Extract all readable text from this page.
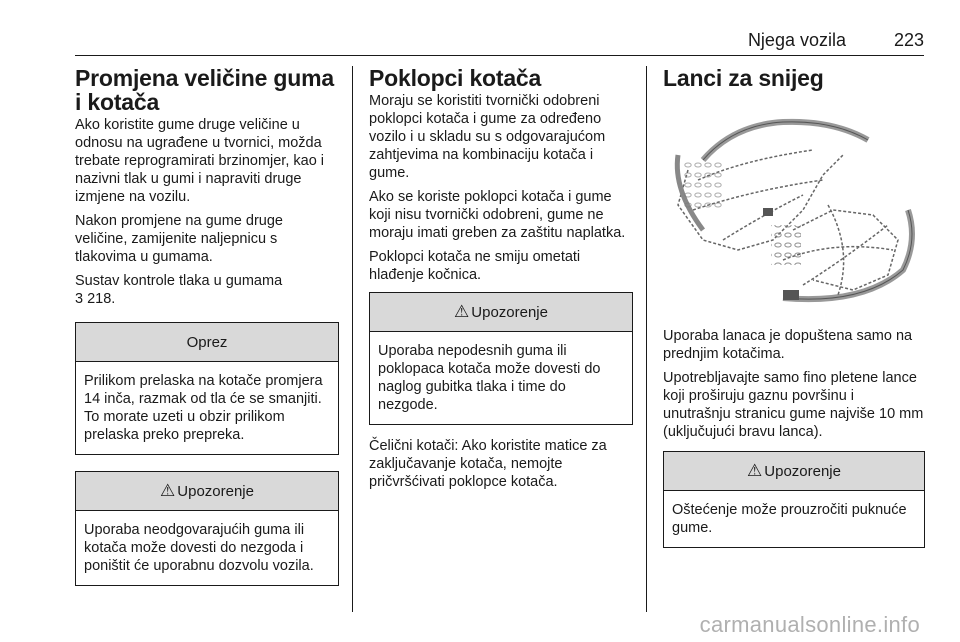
Njega vozila	223
Promjena veličine guma i kotača

Ako koristite gume druge veličine u odnosu na ugrađene u tvornici, možda trebate reprogramirati brzinomjer, kao i nazivni tlak u gumi i napraviti druge izmjene na vozilu.

Nakon promjene na gume druge veličine, zamijenite naljepnicu s tlakovima u gumama.

Sustav kontrole tlaka u gumama
3 218.

Oprez
Prilikom prelaska na kotače promjera 14 inča, razmak od tla će se smanjiti. To morate uzeti u obzir prilikom prelaska preko prepreka.
⚠ Upozorenje
Uporaba neodgovarajućih guma ili kotača može dovesti do nezgoda i poništit će uporabnu dozvolu vozila.
Poklopci kotača

Moraju se koristiti tvornički odobreni poklopci kotača i gume za određeno vozilo i u skladu su s odgovarajućom zahtjevima na kombinaciju kotača i gume.

Ako se koriste poklopci kotača i gume koji nisu tvornički odobreni, gume ne moraju imati greben za zaštitu naplatka.

Poklopci kotača ne smiju ometati hlađenje kočnica.

⚠ Upozorenje
Uporaba nepodesnih guma ili poklopaca kotača može dovesti do naglog gubitka tlaka i time do nezgode.

Čelični kotači: Ako koristite matice za zaključavanje kotača, nemojte pričvršćivati poklopce kotača.

Lanci za snijeg

Uporaba lanaca je dopuštena samo na prednjim kotačima.

Upotrebljavajte samo fino pletene lance koji proširuju gaznu površinu i unutrašnju stranicu gume najviše 10 mm (uključujući bravu lanca).

⚠ Upozorenje
Oštećenje može prouzročiti puknuće gume.
carmanualsonline.info
